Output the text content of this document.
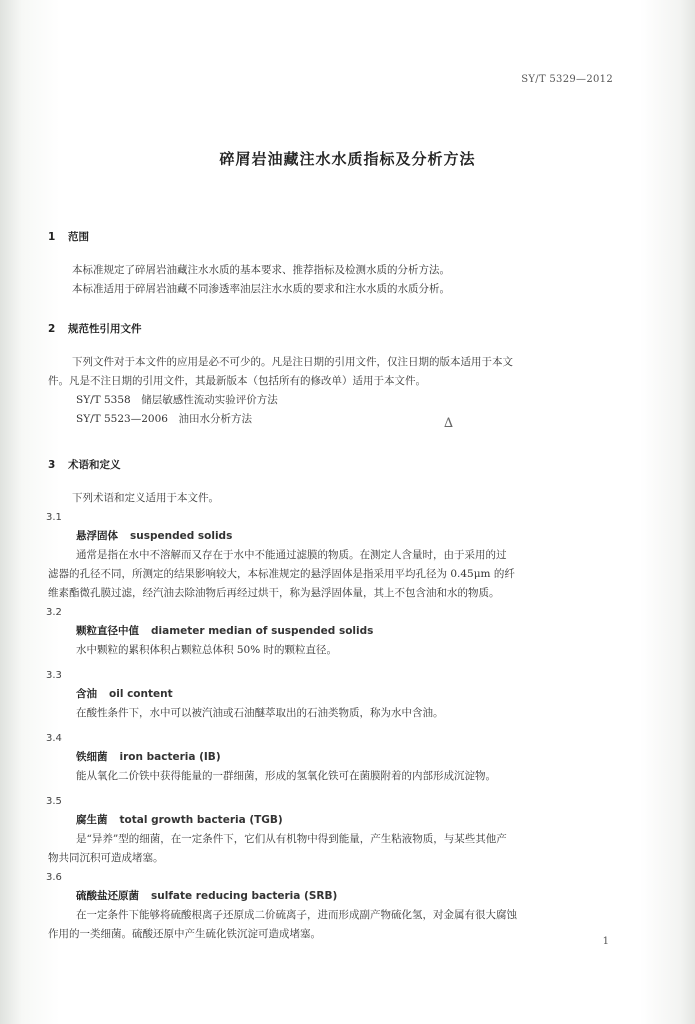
SY/T 5329—2012
碎屑岩油藏注水水质指标及分析方法
1 范围

本标准规定了碎屑岩油藏注水水质的基本要求、推荐指标及检测水质的分析方法。

本标准适用于碎屑岩油藏不同渗透率油层注水水质的要求和注水水质的水质分析。

2 规范性引用文件

下列文件对于本文件的应用是必不可少的。凡是注日期的引用文件，仅注日期的版本适用于本文

件。凡是不注日期的引用文件，其最新版本（包括所有的修改单）适用于本文件。

SY/T 5358　储层敏感性流动实验评价方法
SY/T 5523—2006　油田水分析方法	∆
3 术语和定义

下列术语和定义适用于本文件。

3.1
悬浮固体 suspended solids

通常是指在水中不溶解而又存在于水中不能通过滤膜的物质。在测定人含量时，由于采用的过

滤器的孔径不同，所测定的结果影响较大，本标准规定的悬浮固体是指采用平均孔径为 0.45μm 的纤

维素酯微孔膜过滤，经汽油去除油物后再经过烘干，称为悬浮固体量，其上不包含油和水的物质。

3.2
颗粒直径中值 diameter median of suspended solids

水中颗粒的累积体积占颗粒总体积 50% 时的颗粒直径。

3.3
含油 oil content

在酸性条件下，水中可以被汽油或石油醚萃取出的石油类物质，称为水中含油。

3.4
铁细菌 iron bacteria (IB)

能从氧化二价铁中获得能量的一群细菌，形成的氢氧化铁可在菌膜附着的内部形成沉淀物。

3.5
腐生菌 total growth bacteria (TGB)

是“异养”型的细菌，在一定条件下，它们从有机物中得到能量，产生粘液物质，与某些其他产

物共同沉积可造成堵塞。

3.6
硫酸盐还原菌 sulfate reducing bacteria (SRB)

在一定条件下能够将硫酸根离子还原成二价硫离子，进而形成副产物硫化氢，对金属有很大腐蚀

作用的一类细菌。硫酸还原中产生硫化铁沉淀可造成堵塞。

1
